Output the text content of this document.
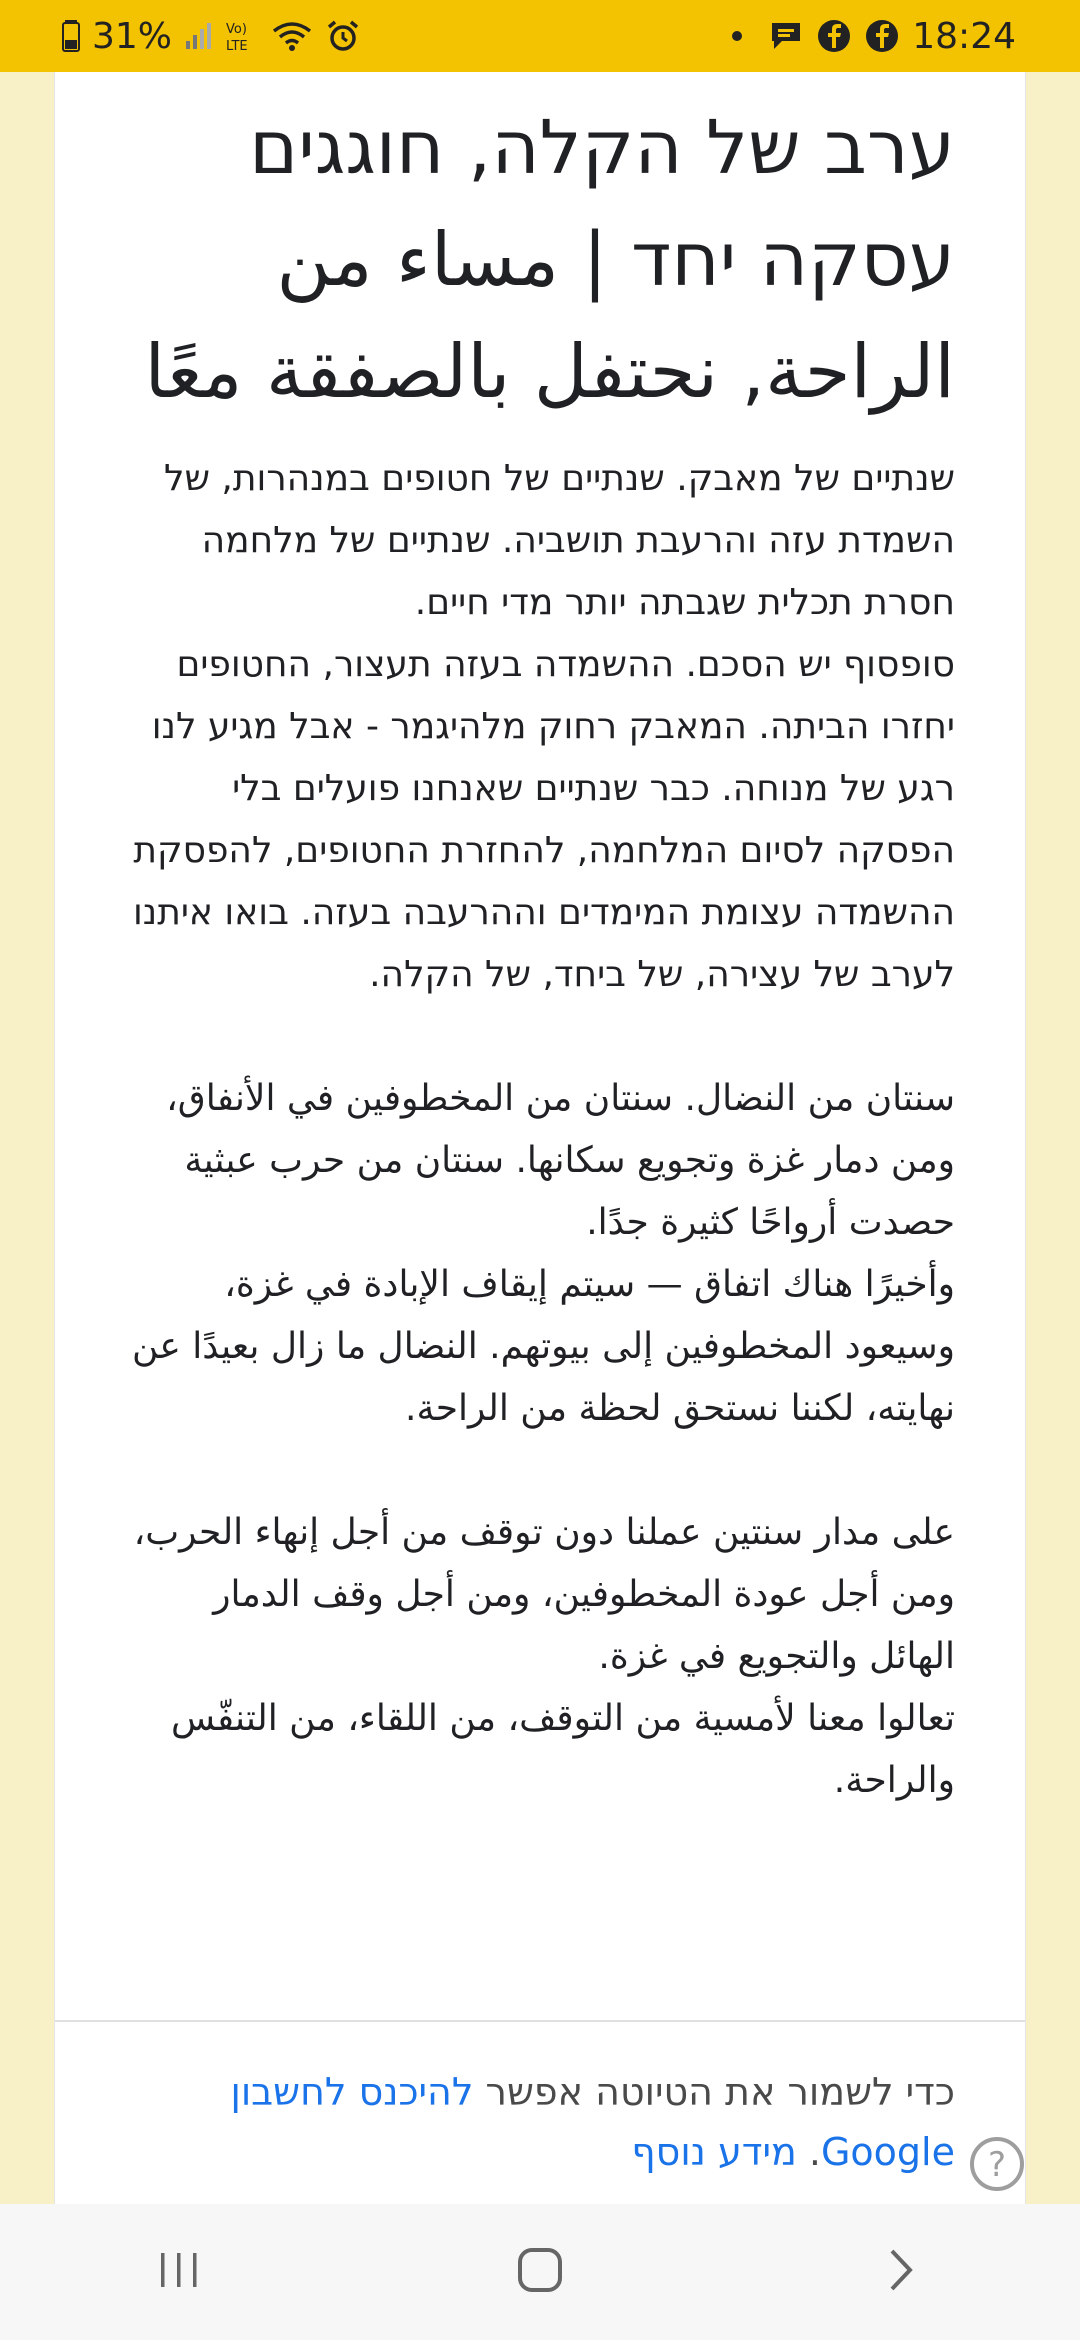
31%	Vo)
LTE	18:24
ערב של הקלה, חוגגים עסקה יחד | مساء من الراحة, نحتفل بالصفقة معًا

שנתיים של מאבק. שנתיים של חטופים במנהרות, של השמדת עזה והרעבת תושביה. שנתיים של מלחמה חסרת תכלית שגבתה יותר מדי חיים.
סופסוף יש הסכם. ההשמדה בעזה תעצור, החטופים יחזרו הביתה. המאבק רחוק מלהיגמר - אבל מגיע לנו רגע של מנוחה. כבר שנתיים שאנחנו פועלים בלי הפסקה לסיום המלחמה, להחזרת החטופים, להפסקת ההשמדה עצומת המימדים וההרעבה בעזה. בואו איתנו לערב של עצירה, של ביחד, של הקלה.

سنتان من النضال. سنتان من المخطوفين في الأنفاق، ومن دمار غزة وتجويع سكانها. سنتان من حرب عبثية حصدت أرواحًا كثيرة جدًا.
وأخيرًا هناك اتفاق — سيتم إيقاف الإبادة في غزة، وسيعود المخطوفين إلى بيوتهم. النضال ما زال بعيدًا عن نهايته، لكننا نستحق لحظة من الراحة.

على مدار سنتين عملنا دون توقف من أجل إنهاء الحرب، ومن أجل عودة المخطوفين، ومن أجل وقف الدمار الهائل والتجويع في غزة.
تعالوا معنا لأمسية من التوقف، من اللقاء، من التنفّس والراحة.

כדי לשמור את הטיוטה אפשר להיכנס לחשבון Google. מידע נוסף	?
